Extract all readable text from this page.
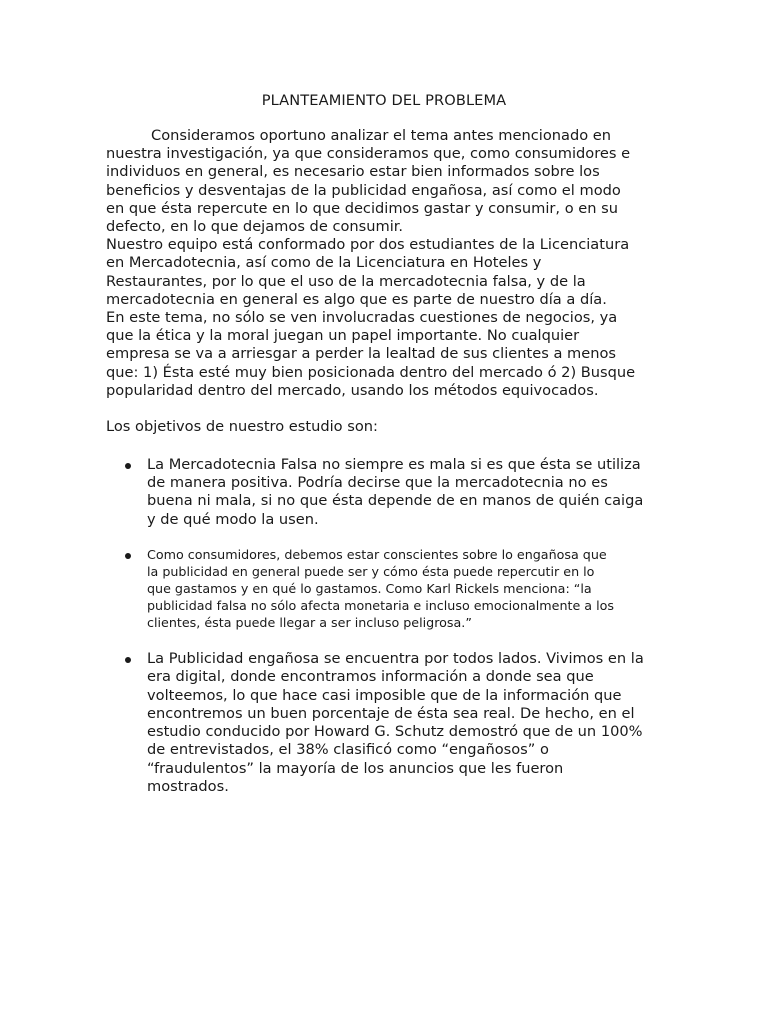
PLANTEAMIENTO DEL PROBLEMA
Consideramos oportuno analizar el tema antes mencionado en
nuestra investigación, ya que consideramos que, como consumidores e
individuos en general, es necesario estar bien informados sobre los
beneficios y desventajas de la publicidad engañosa, así como el modo
en que ésta repercute en lo que decidimos gastar y consumir, o en su
defecto, en lo que dejamos de consumir.
Nuestro equipo está conformado por dos estudiantes de la Licenciatura
en Mercadotecnia, así como de la Licenciatura en Hoteles y
Restaurantes, por lo que el uso de la mercadotecnia falsa, y de la
mercadotecnia en general es algo que es parte de nuestro día a día.
En este tema, no sólo se ven involucradas cuestiones de negocios, ya
que la ética y la moral juegan un papel importante. No cualquier
empresa se va a arriesgar a perder la lealtad de sus clientes a menos
que: 1) Ésta esté muy bien posicionada dentro del mercado ó 2) Busque
popularidad dentro del mercado, usando los métodos equivocados.
Los objetivos de nuestro estudio son:
La Mercadotecnia Falsa no siempre es mala si es que ésta se utiliza
de manera positiva. Podría decirse que la mercadotecnia no es
buena ni mala, si no que ésta depende de en manos de quién caiga
y de qué modo la usen.
Como consumidores, debemos estar conscientes sobre lo engañosa que
la publicidad en general puede ser y cómo ésta puede repercutir en lo
que gastamos y en qué lo gastamos. Como Karl Rickels menciona: “la
publicidad falsa no sólo afecta monetaria e incluso emocionalmente a los
clientes, ésta puede llegar a ser incluso peligrosa.”
La Publicidad engañosa se encuentra por todos lados. Vivimos en la
era digital, donde encontramos información a donde sea que
volteemos, lo que hace casi imposible que de la información que
encontremos un buen porcentaje de ésta sea real. De hecho, en el
estudio conducido por Howard G. Schutz demostró que de un 100%
de entrevistados, el 38% clasificó como “engañosos” o
“fraudulentos” la mayoría de los anuncios que les fueron
mostrados.
